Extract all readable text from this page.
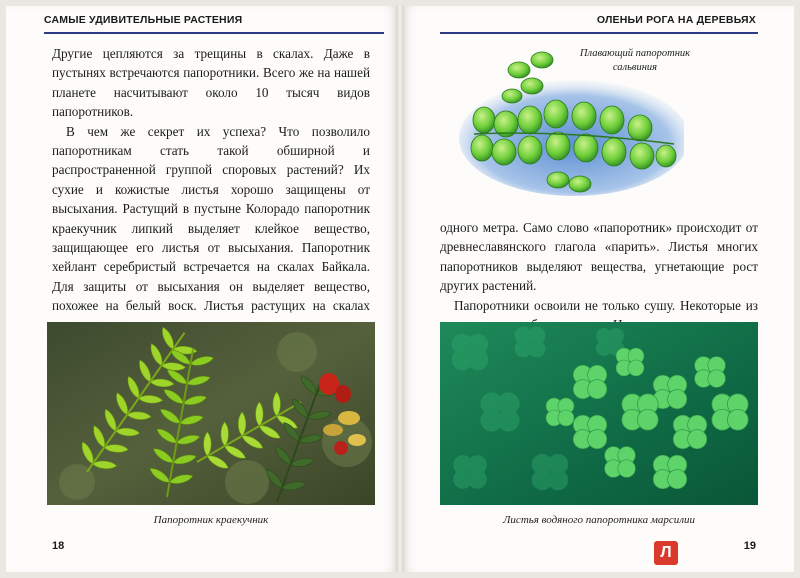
САМЫЕ УДИВИТЕЛЬНЫЕ РАСТЕНИЯ

Другие цепляются за трещины в скалах. Даже в пустынях встречаются папоротники. Всего же на нашей планете насчитывают около 10 тысяч видов папоротников.

В чем же секрет их успеха? Что позволило папоротникам стать такой обширной и распространенной группой споровых растений? Их сухие и кожистые листья хорошо защищены от высыхания. Растущий в пустыне Колорадо папоротник краекучник липкий выделяет клейкое вещество, защищающее его листья от высыхания. Папоротник хейлант серебристый встречается на скалах Байкала. Для защиты от высыхания он выделяет вещество, похожее на белый воск. Листья растущих на скалах

Папоротник краекучник
18
ОЛЕНЬИ РОГА НА ДЕРЕВЬЯХ
Плавающий папоротник сальвиния

одного метра. Само слово «папоротник» происходит от древнеславянского глагола «парить». Листья многих папоротников выделяют вещества, угнетающие рост других растений.

Папоротники освоили не только сушу. Некоторые из

Листья водяного папоротника марсилии
19
Л
